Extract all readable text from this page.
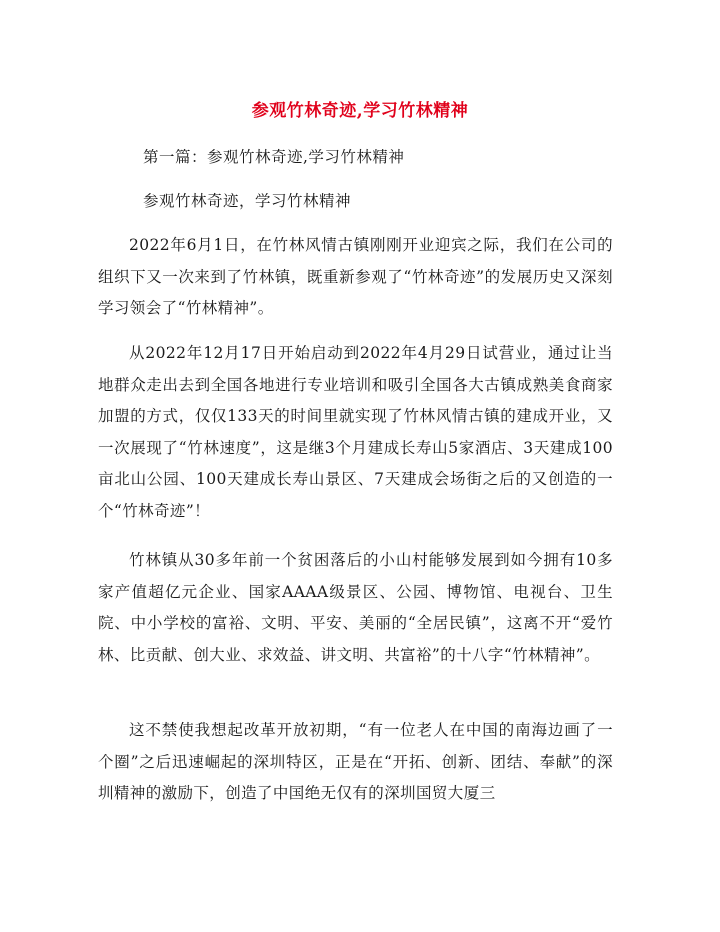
参观竹林奇迹,学习竹林精神
第一篇：参观竹林奇迹,学习竹林精神
参观竹林奇迹，学习竹林精神

2022年6月1日，在竹林风情古镇刚刚开业迎宾之际，我们在公司的组织下又一次来到了竹林镇，既重新参观了“竹林奇迹”的发展历史又深刻学习领会了“竹林精神”。

从2022年12月17日开始启动到2022年4月29日试营业，通过让当地群众走出去到全国各地进行专业培训和吸引全国各大古镇成熟美食商家加盟的方式，仅仅133天的时间里就实现了竹林风情古镇的建成开业，又一次展现了“竹林速度”，这是继3个月建成长寿山5家酒店、3天建成100亩北山公园、100天建成长寿山景区、7天建成会场街之后的又创造的一个“竹林奇迹”！

竹林镇从30多年前一个贫困落后的小山村能够发展到如今拥有10多家产值超亿元企业、国家AAAA级景区、公园、博物馆、电视台、卫生院、中小学校的富裕、文明、平安、美丽的“全居民镇”，这离不开“爱竹林、比贡献、创大业、求效益、讲文明、共富裕”的十八字“竹林精神”。

这不禁使我想起改革开放初期，“有一位老人在中国的南海边画了一个圈”之后迅速崛起的深圳特区，正是在“开拓、创新、团结、奉献”的深圳精神的激励下，创造了中国绝无仅有的深圳国贸大厦三
